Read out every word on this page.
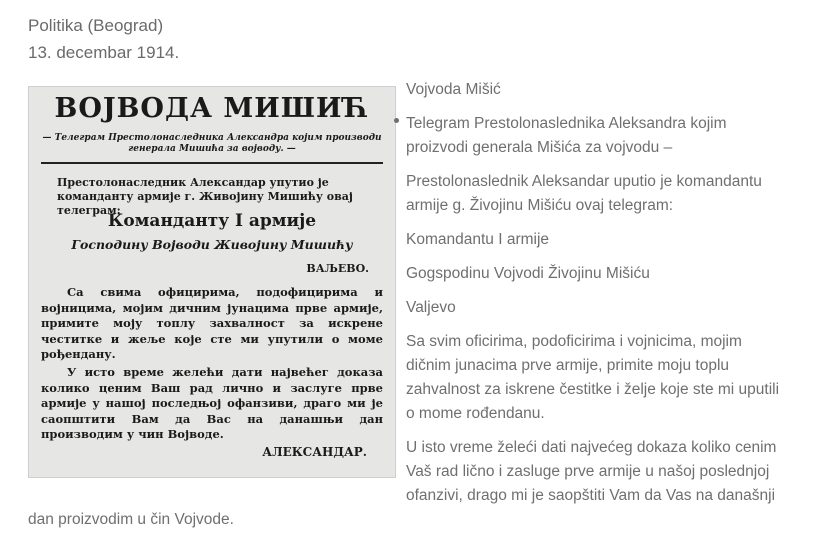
Politika (Beograd)
13. decembar 1914.
ВОЈВОДА МИШИЋ
— Телеграм Престолонаследника Александра којим производи генерала Мишића за војводу. —
Престолонаследник Александар упутио је команданту армије г. Живојину Мишићу овај телеграм:
Команданту I армије
Господину Војводи Живојину Мишићу
ВАЉЕВО.
Са свима официрима, подофицирима и војницима, мојим дичним јунацима прве армије, примите моју топлу захвалност за искрене честитке и жеље које сте ми упутили о моме рођендану.
У исто време желећи дати највећег доказа колико ценим Ваш рад лично и заслуге прве армије у нашој последњој офанзиви, драго ми је саопштити Вам да Вас на данашњи дан производим у чин Војводе.
АЛЕКСАНДАР.
Vojvoda Mišić
Telegram Prestolonaslednika Aleksandra kojim
proizvodi generala Mišića za vojvodu –
Prestolonaslednik Aleksandar uputio je komandantu
armije g. Živojinu Mišiću ovaj telegram:
Komandantu I armije
Gogspodinu Vojvodi Živojinu Mišiću
Valjevo
Sa svim oficirima, podoficirima i vojnicima, mojim
dičnim junacima prve armije, primite moju toplu
zahvalnost za iskrene čestitke i želje koje ste mi uputili
o mome rođendanu.
U isto vreme želeći dati najvećeg dokaza koliko cenim
Vaš rad lično i zasluge prve armije u našoj poslednjoj
ofanzivi, drago mi je saopštiti Vam da Vas na današnji
dan proizvodim u čin Vojvode.
